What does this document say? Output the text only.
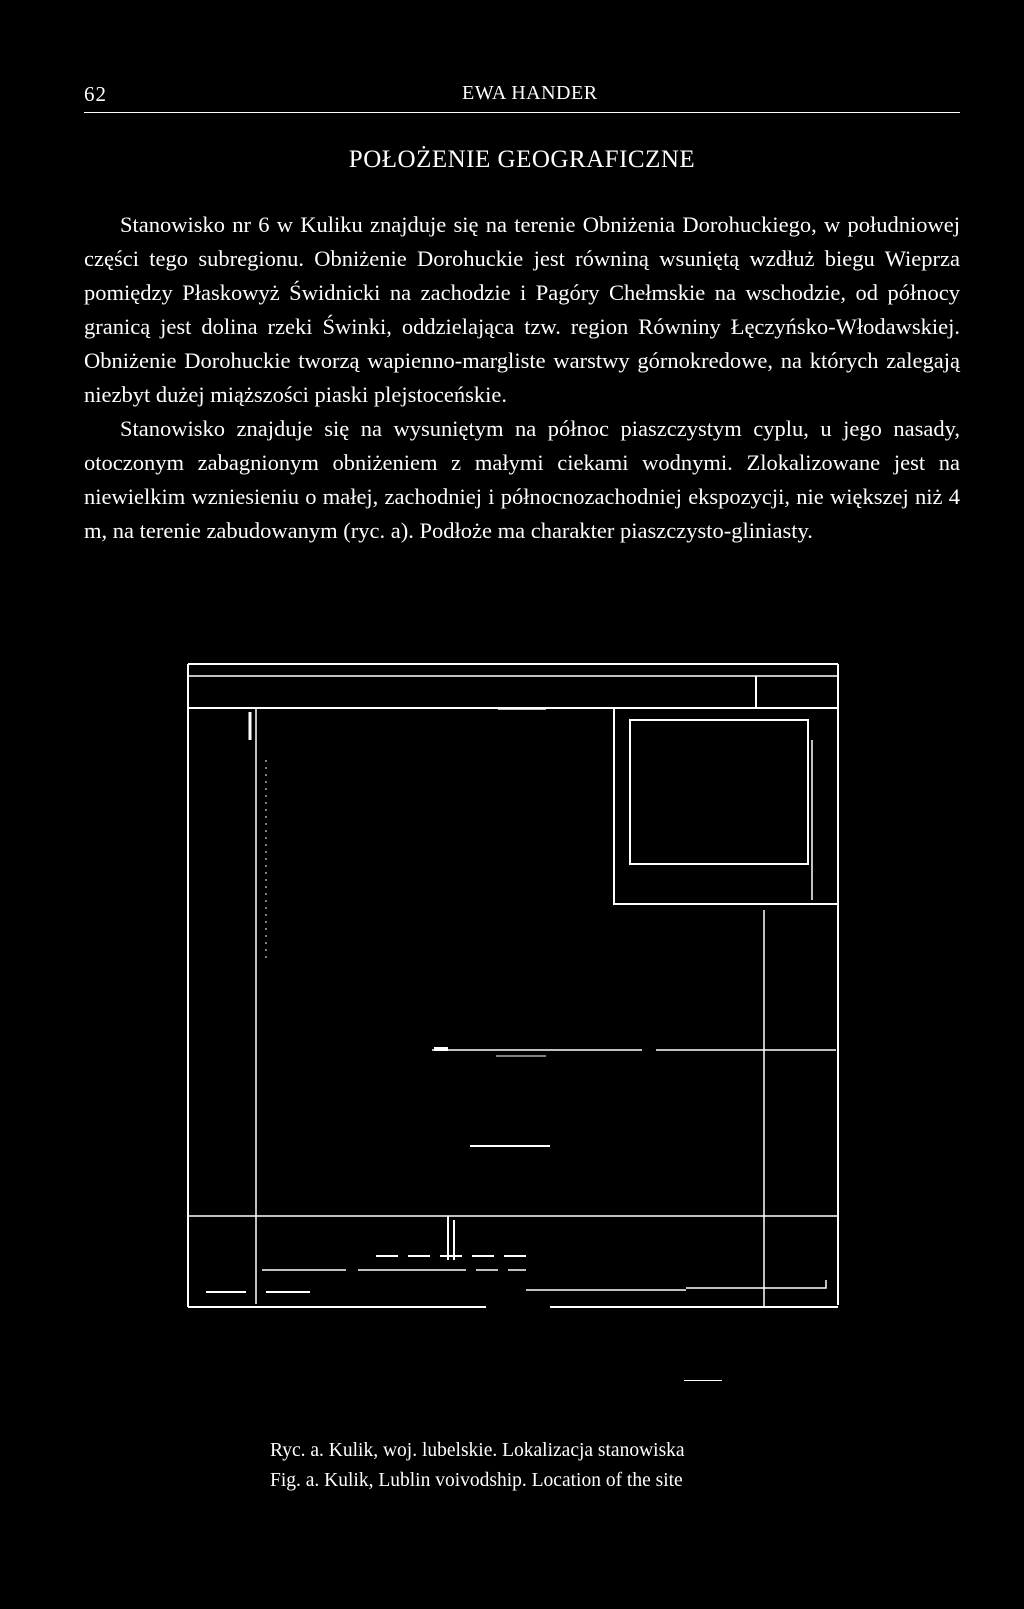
62	EWA HANDER
POŁOŻENIE GEOGRAFICZNE

Stanowisko nr 6 w Kuliku znajduje się na terenie Obniżenia Dorohuckiego, w południowej części tego subregionu. Obniżenie Dorohuckie jest równiną wsuniętą wzdłuż biegu Wieprza pomiędzy Płaskowyż Świdnicki na zachodzie i Pagóry Chełmskie na wschodzie, od północy granicą jest dolina rzeki Świnki, oddzielająca tzw. region Równiny Łęczyńsko-Włodawskiej. Obniżenie Dorohuckie tworzą wapienno-margliste warstwy górnokredowe, na których zalegają niezbyt dużej miąższości piaski plejstoceńskie.

Stanowisko znajduje się na wysuniętym na północ piaszczystym cyplu, u jego nasady, otoczonym zabagnionym obniżeniem z małymi ciekami wodnymi. Zlokalizowane jest na niewielkim wzniesieniu o małej, zachodniej i północnozachodniej ekspozycji, nie większej niż 4 m, na terenie zabudowanym (ryc. a). Podłoże ma charakter piaszczysto-gliniasty.

Ryc. a. Kulik, woj. lubelskie. Lokalizacja stanowiska
Fig. a. Kulik, Lublin voivodship. Location of the site
